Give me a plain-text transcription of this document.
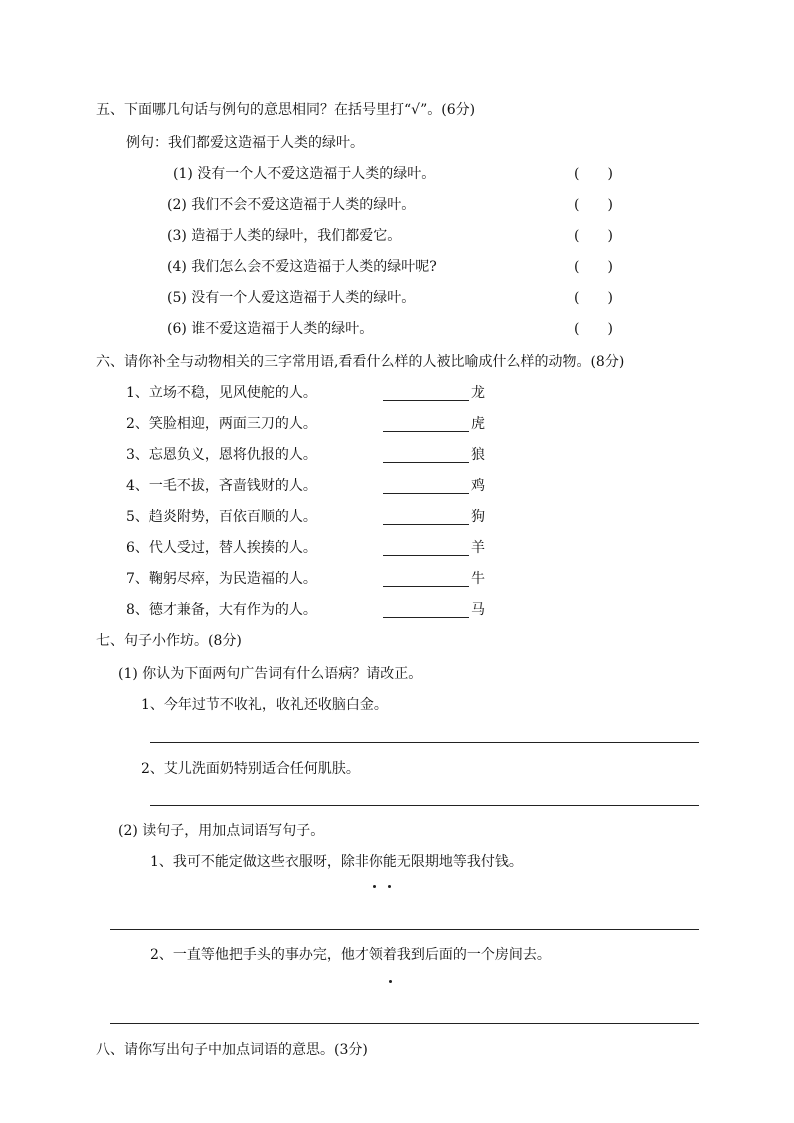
五、下面哪几句话与例句的意思相同？在括号里打“√”。(6分)
例句：我们都爱这造福于人类的绿叶。
(1) 没有一个人不爱这造福于人类的绿叶。	(　　)
(2) 我们不会不爱这造福于人类的绿叶。	(　　)
(3) 造福于人类的绿叶，我们都爱它。	(　　)
(4) 我们怎么会不爱这造福于人类的绿叶呢?	(　　)
(5) 没有一个人爱这造福于人类的绿叶。	(　　)
(6) 谁不爱这造福于人类的绿叶。	(　　)
六、请你补全与动物相关的三字常用语,看看什么样的人被比喻成什么样的动物。(8分)
1、立场不稳，见风使舵的人。	龙
2、笑脸相迎，两面三刀的人。	虎
3、忘恩负义，恩将仇报的人。	狼
4、一毛不拔，吝啬钱财的人。	鸡
5、趋炎附势，百依百顺的人。	狗
6、代人受过，替人挨揍的人。	羊
7、鞠躬尽瘁，为民造福的人。	牛
8、德才兼备，大有作为的人。	马
七、句子小作坊。(8分)
(1) 你认为下面两句广告词有什么语病？请改正。
1、今年过节不收礼，收礼还收脑白金。
2、艾儿洗面奶特别适合任何肌肤。
(2) 读句子，用加点词语写句子。
1、我可不能定做这些衣服呀，除非你能无限期地等我付钱。
2、一直等他把手头的事办完，他才领着我到后面的一个房间去。
八、请你写出句子中加点词语的意思。(3分)
